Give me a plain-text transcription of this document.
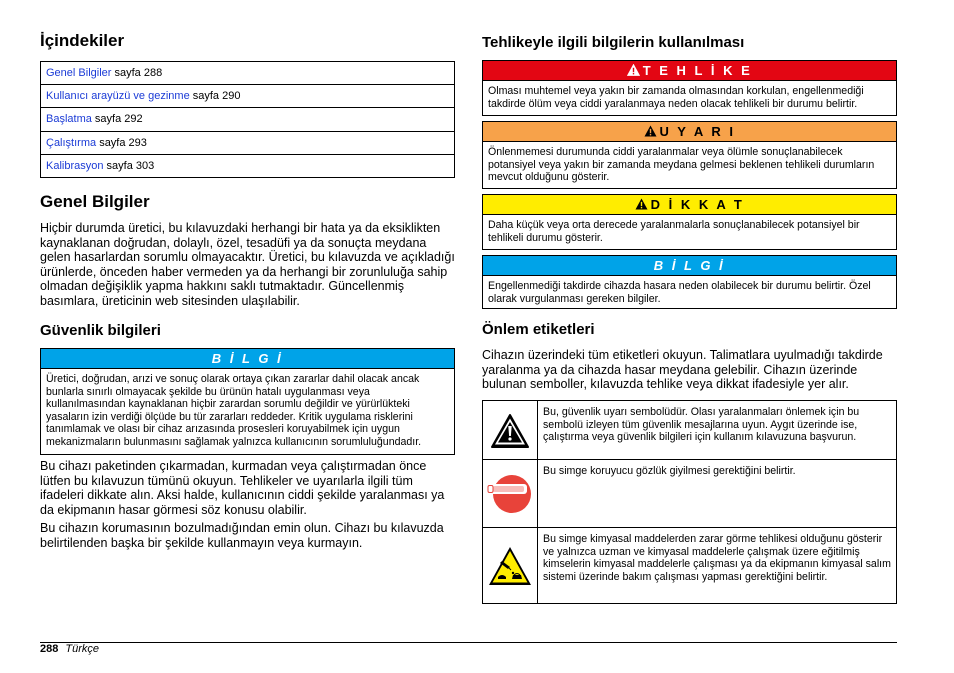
İçindekiler
Genel Bilgiler sayfa 288
Kullanıcı arayüzü ve gezinme sayfa 290
Başlatma sayfa 292
Çalıştırma sayfa 293
Kalibrasyon sayfa 303
Genel Bilgiler

Hiçbir durumda üretici, bu kılavuzdaki herhangi bir hata ya da eksiklikten kaynaklanan doğrudan, dolaylı, özel, tesadüfi ya da sonuçta meydana gelen hasarlardan sorumlu olmayacaktır. Üretici, bu kılavuzda ve açıkladığı ürünlerde, önceden haber vermeden ya da herhangi bir zorunluluğa sahip olmadan değişiklik yapma hakkını saklı tutmaktadır. Güncellenmiş basımlara, üreticinin web sitesinden ulaşılabilir.

Güvenlik bilgileri
B İ L G İ
Üretici, doğrudan, arızi ve sonuç olarak ortaya çıkan zararlar dahil olacak ancak bunlarla sınırlı olmayacak şekilde bu ürünün hatalı uygulanması veya kullanılmasından kaynaklanan hiçbir zarardan sorumlu değildir ve yürürlükteki yasaların izin verdiği ölçüde bu tür zararları reddeder. Kritik uygulama risklerini tanımlamak ve olası bir cihaz arızasında prosesleri koruyabilmek için uygun mekanizmaların bulunmasını sağlamak yalnızca kullanıcının sorumluluğundadır.

Bu cihazı paketinden çıkarmadan, kurmadan veya çalıştırmadan önce lütfen bu kılavuzun tümünü okuyun. Tehlikeler ve uyarılarla ilgili tüm ifadeleri dikkate alın. Aksi halde, kullanıcının ciddi şekilde yaralanması ya da ekipmanın hasar görmesi söz konusu olabilir.

Bu cihazın korumasının bozulmadığından emin olun. Cihazı bu kılavuzda belirtilenden başka bir şekilde kullanmayın veya kurmayın.

Tehlikeyle ilgili bilgilerin kullanılması
T E H L İ K E
Olması muhtemel veya yakın bir zamanda olmasından korkulan, engellenmediği takdirde ölüm veya ciddi yaralanmaya neden olacak tehlikeli bir durumu belirtir.
U Y A R I
Önlenmemesi durumunda ciddi yaralanmalar veya ölümle sonuçlanabilecek potansiyel veya yakın bir zamanda meydana gelmesi beklenen tehlikeli durumların mevcut olduğunu gösterir.
D İ K K A T
Daha küçük veya orta derecede yaralanmalarla sonuçlanabilecek potansiyel bir tehlikeli durumu gösterir.
B İ L G İ
Engellenmediği takdirde cihazda hasara neden olabilecek bir durumu belirtir. Özel olarak vurgulanması gereken bilgiler.
Önlem etiketleri

Cihazın üzerindeki tüm etiketleri okuyun. Talimatlara uyulmadığı takdirde yaralanma ya da cihazda hasar meydana gelebilir. Cihazın üzerinde bulunan semboller, kılavuzda tehlike veya dikkat ifadesiyle yer alır.

Bu, güvenlik uyarı sembolüdür. Olası yaralanmaları önlemek için bu sembolü izleyen tüm güvenlik mesajlarına uyun. Aygıt üzerinde ise, çalıştırma veya güvenlik bilgileri için kullanım kılavuzuna başvurun.
Bu simge koruyucu gözlük giyilmesi gerektiğini belirtir.
Bu simge kimyasal maddelerden zarar görme tehlikesi olduğunu gösterir ve yalnızca uzman ve kimyasal maddelerle çalışmak üzere eğitilmiş kimselerin kimyasal maddelerle çalışması ya da ekipmanın kimyasal salım sistemi üzerinde bakım çalışması yapması gerektiğini belirtir.
288 Türkçe
